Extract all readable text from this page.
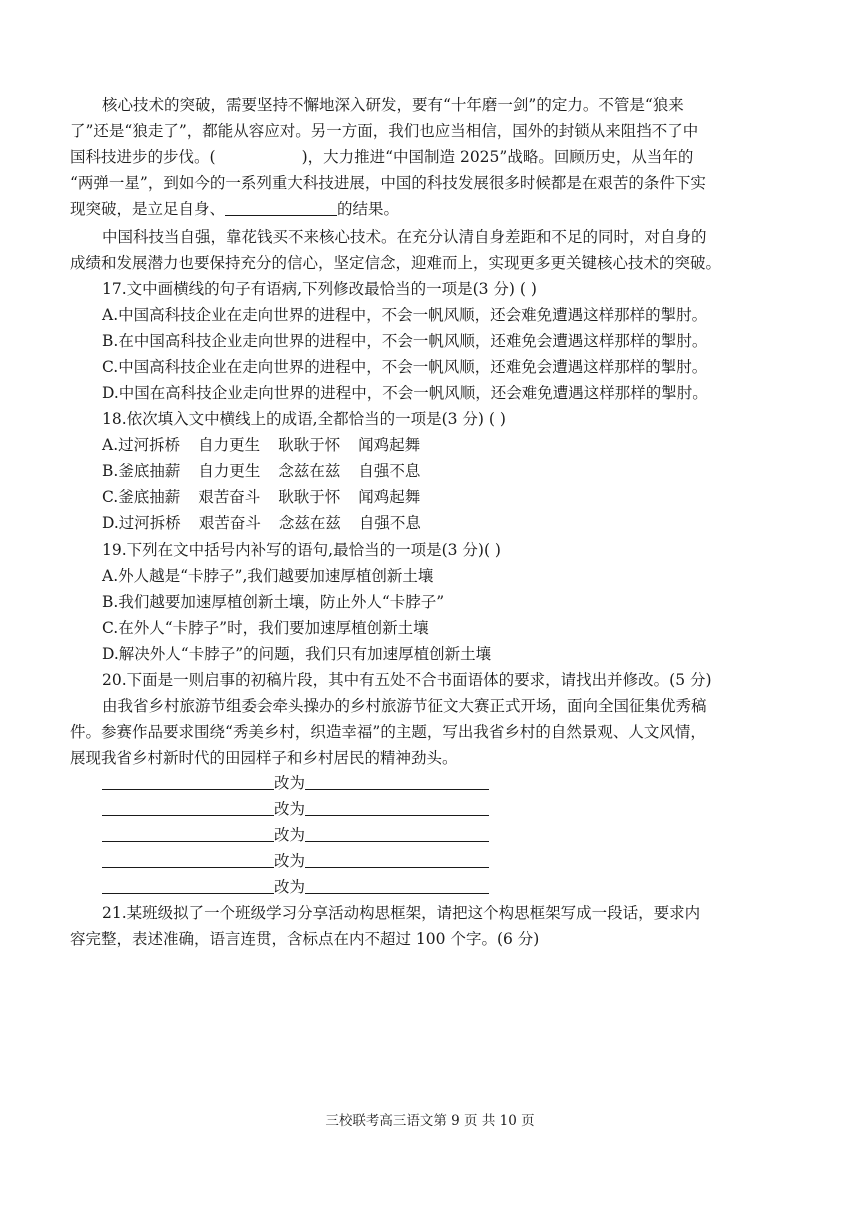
核心技术的突破，需要坚持不懈地深入研发，要有“十年磨一剑”的定力。不管是“狼来
了”还是“狼走了”，都能从容应对。另一方面，我们也应当相信，国外的封锁从来阻挡不了中
国科技进步的步伐。(	)，大力推进“中国制造 2025”战略。回顾历史，从当年的
“两弹一星”，到如今的一系列重大科技进展，中国的科技发展很多时候都是在艰苦的条件下实
现突破，是立足自身、	的结果。
中国科技当自强，靠花钱买不来核心技术。在充分认清自身差距和不足的同时，对自身的
成绩和发展潜力也要保持充分的信心，坚定信念，迎难而上，实现更多更关键核心技术的突破。
17.文中画横线的句子有语病,下列修改最恰当的一项是(3 分) ( )
A.中国高科技企业在走向世界的进程中，不会一帆风顺，还会难免遭遇这样那样的掣肘。
B.在中国高科技企业走向世界的进程中，不会一帆风顺，还难免会遭遇这样那样的掣肘。
C.中国高科技企业在走向世界的进程中，不会一帆风顺，还难免会遭遇这样那样的掣肘。
D.中国在高科技企业走向世界的进程中，不会一帆风顺，还会难免遭遇这样那样的掣肘。
18.依次填入文中横线上的成语,全都恰当的一项是(3 分) ( )
A.过河拆桥 自力更生 耿耿于怀 闻鸡起舞
B.釜底抽薪 自力更生 念兹在兹 自强不息
C.釜底抽薪 艰苦奋斗 耿耿于怀 闻鸡起舞
D.过河拆桥 艰苦奋斗 念兹在兹 自强不息
19.下列在文中括号内补写的语句,最恰当的一项是(3 分)( )
A.外人越是“卡脖子”,我们越要加速厚植创新土壤
B.我们越要加速厚植创新土壤，防止外人“卡脖子”
C.在外人“卡脖子”时，我们要加速厚植创新土壤
D.解决外人“卡脖子”的问题，我们只有加速厚植创新土壤
20.下面是一则启事的初稿片段，其中有五处不合书面语体的要求，请找出并修改。(5 分)
由我省乡村旅游节组委会牵头操办的乡村旅游节征文大赛正式开场，面向全国征集优秀稿
件。参赛作品要求围绕“秀美乡村，织造幸福”的主题，写出我省乡村的自然景观、人文风情，
展现我省乡村新时代的田园样子和乡村居民的精神劲头。
改为
改为
改为
改为
改为
21.某班级拟了一个班级学习分享活动构思框架，请把这个构思框架写成一段话，要求内
容完整，表述准确，语言连贯，含标点在内不超过 100 个字。(6 分)
三校联考高三语文第 9 页 共 10 页
